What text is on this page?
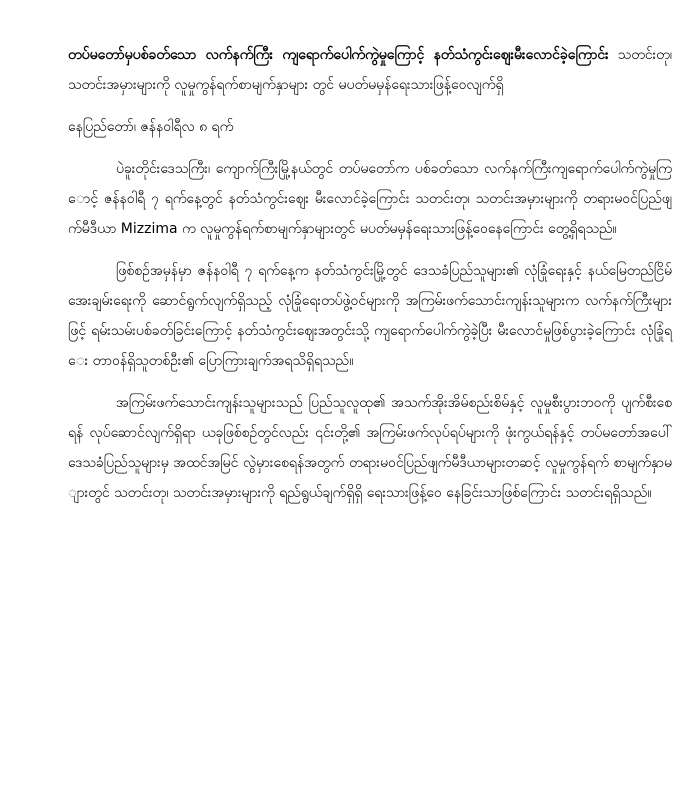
တပ်မတော်မှပစ်ခတ်သော လက်နက်ကြီး ကျရောက်ပေါက်ကွဲမှုကြောင့် နတ်သံကွင်းဈေးမီးလောင်ခဲ့ကြောင်း သတင်းတု၊ သတင်းအမှားများကို လူမှုကွန်ရက်စာမျက်နှာများ တွင် မပတ်မမှန်ရေးသားဖြန့်ဝေလျက်ရှိ

နေပြည်တော်၊ ဇန်နဝါရီလ ၈ ရက်

ပဲခူးတိုင်းဒေသကြီး၊ ကျောက်ကြီးမြို့နယ်တွင် တပ်မတော်က ပစ်ခတ်သော လက်နက်ကြီးကျရောက်ပေါက်ကွဲမှုကြောင့် ဇန်နဝါရီ ၇ ရက်နေ့တွင် နတ်သံကွင်းဈေး မီးလောင်ခဲ့ကြောင်း သတင်းတု၊ သတင်းအမှားများကို တရားမဝင်ပြည်ဖျက်မီဒီယာ Mizzima က လူမှုကွန်ရက်စာမျက်နှာများတွင် မပတ်မမှန်ရေးသားဖြန့်ဝေနေကြောင်း တွေ့ရှိရသည်။

ဖြစ်စဉ်အမှန်မှာ ဇန်နဝါရီ ၇ ရက်နေ့က နတ်သံကွင်းမြို့တွင် ဒေသခံပြည်သူများ၏ လုံခြုံရေးနှင့် နယ်မြေတည်ငြိမ်အေးချမ်းရေးကို ဆောင်ရွက်လျက်ရှိသည့် လုံခြုံရေးတပ်ဖွဲ့ဝင်များကို အကြမ်းဖက်သောင်းကျန်းသူများက လက်နက်ကြီးများဖြင့် ရမ်းသမ်းပစ်ခတ်ခြင်းကြောင့် နတ်သံကွင်းဈေးအတွင်းသို့ ကျရောက်ပေါက်ကွဲခဲ့ပြီး မီးလောင်မှုဖြစ်ပွားခဲ့ကြောင်း လုံခြုံရေး တာဝန်ရှိသူတစ်ဦး၏ ပြောကြားချက်အရသိရှိရသည်။

အကြမ်းဖက်သောင်းကျန်းသူများသည် ပြည်သူလူထု၏ အသက်အိုးအိမ်စည်းစိမ်နှင့် လူမှုစီးပွားဘဝကို ပျက်စီးစေရန် လုပ်ဆောင်လျက်ရှိရာ ယခုဖြစ်စဉ်တွင်လည်း ၎င်းတို့၏ အကြမ်းဖက်လုပ်ရပ်များကို ဖုံးကွယ်ရန်နှင့် တပ်မတော်အပေါ် ဒေသခံပြည်သူများမှ အထင်အမြင် လွဲမှားစေရန်အတွက် တရားမဝင်ပြည်ဖျက်မီဒီယာများတဆင့် လူမှုကွန်ရက် စာမျက်နှာများတွင် သတင်းတု၊ သတင်းအမှားများကို ရည်ရွယ်ချက်ရှိရှိ ရေးသားဖြန့်ဝေ နေခြင်းသာဖြစ်ကြောင်း သတင်းရရှိသည်။
